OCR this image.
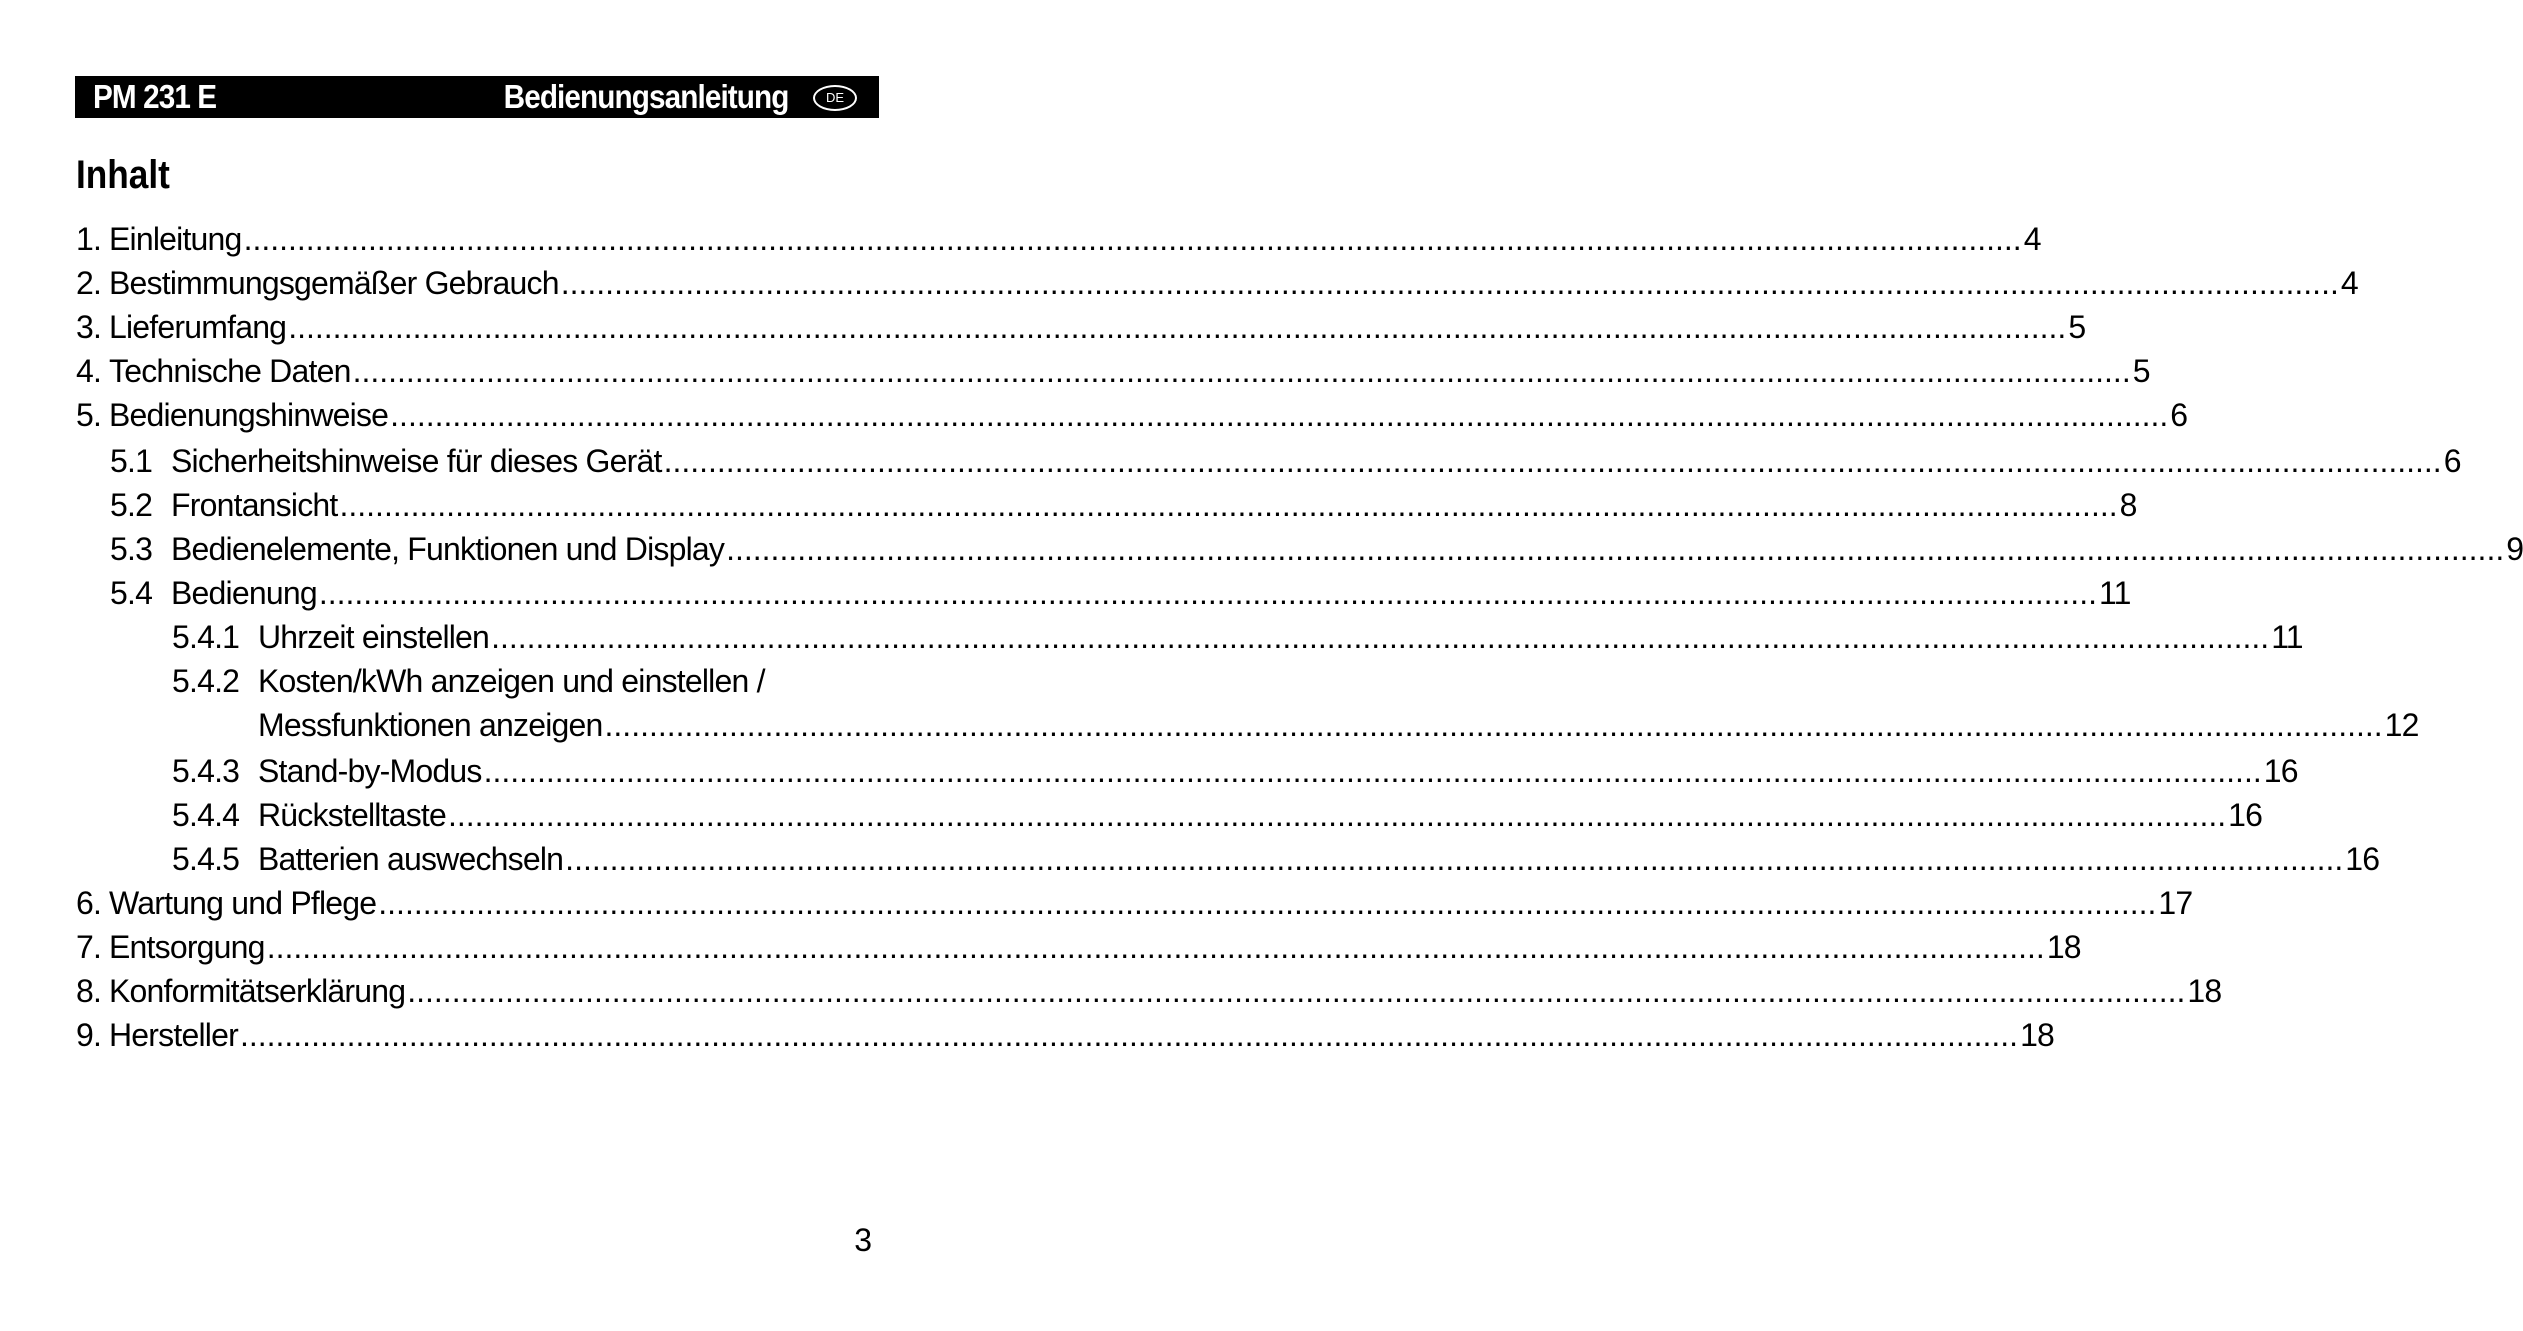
PM 231 E	Bedienungsanleitung	DE
Inhalt
1. Einleitung ........................................................................................................................................................................................................ 4
2. Bestimmungsgemäßer Gebrauch ........................................................................................................................................................................................................ 4
3. Lieferumfang ........................................................................................................................................................................................................ 5
4. Technische Daten ........................................................................................................................................................................................................ 5
5. Bedienungshinweise ........................................................................................................................................................................................................ 6
5.1 Sicherheitshinweise für dieses Gerät ........................................................................................................................................................................................................ 6
5.2 Frontansicht ........................................................................................................................................................................................................ 8
5.3 Bedienelemente, Funktionen und Display ........................................................................................................................................................................................................ 9
5.4 Bedienung ........................................................................................................................................................................................................ 11
5.4.1 Uhrzeit einstellen ........................................................................................................................................................................................................ 11
5.4.2 Kosten/kWh anzeigen und einstellen /
Messfunktionen anzeigen ........................................................................................................................................................................................................ 12
5.4.3 Stand-by-Modus ........................................................................................................................................................................................................ 16
5.4.4 Rückstelltaste ........................................................................................................................................................................................................ 16
5.4.5 Batterien auswechseln ........................................................................................................................................................................................................ 16
6. Wartung und Pflege ........................................................................................................................................................................................................ 17
7. Entsorgung ........................................................................................................................................................................................................ 18
8. Konformitätserklärung ........................................................................................................................................................................................................ 18
9. Hersteller ........................................................................................................................................................................................................ 18
3
